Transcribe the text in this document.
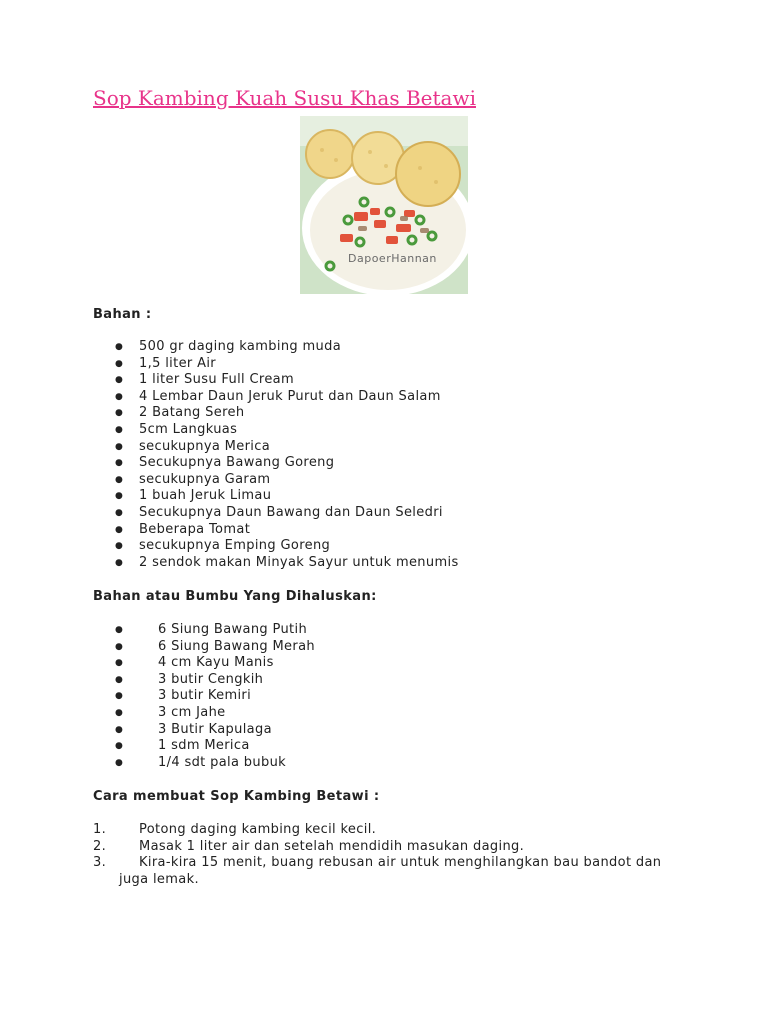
Sop Kambing Kuah Susu Khas Betawi
DapoerHannan
Bahan :
● 500 gr daging kambing muda
● 1,5 liter Air
● 1 liter Susu Full Cream
● 4 Lembar Daun Jeruk Purut dan Daun Salam
● 2 Batang Sereh
● 5cm Langkuas
● secukupnya Merica
● Secukupnya Bawang Goreng
● secukupnya Garam
● 1 buah Jeruk Limau
● Secukupnya Daun Bawang dan Daun Seledri
● Beberapa Tomat
● secukupnya Emping Goreng
● 2 sendok makan Minyak Sayur untuk menumis
Bahan atau Bumbu Yang Dihaluskan:
●	6 Siung Bawang Putih
●	6 Siung Bawang Merah
●	4 cm Kayu Manis
●	3 butir Cengkih
●	3 butir Kemiri
●	3 cm Jahe
●	3 Butir Kapulaga
●	1 sdm Merica
●	1/4 sdt pala bubuk
Cara membuat Sop Kambing Betawi :
1.	Potong daging kambing kecil kecil.
2.	Masak 1 liter air dan setelah mendidih masukan daging.
3.	Kira-kira 15 menit, buang rebusan air untuk menghilangkan bau bandot dan
juga lemak.
